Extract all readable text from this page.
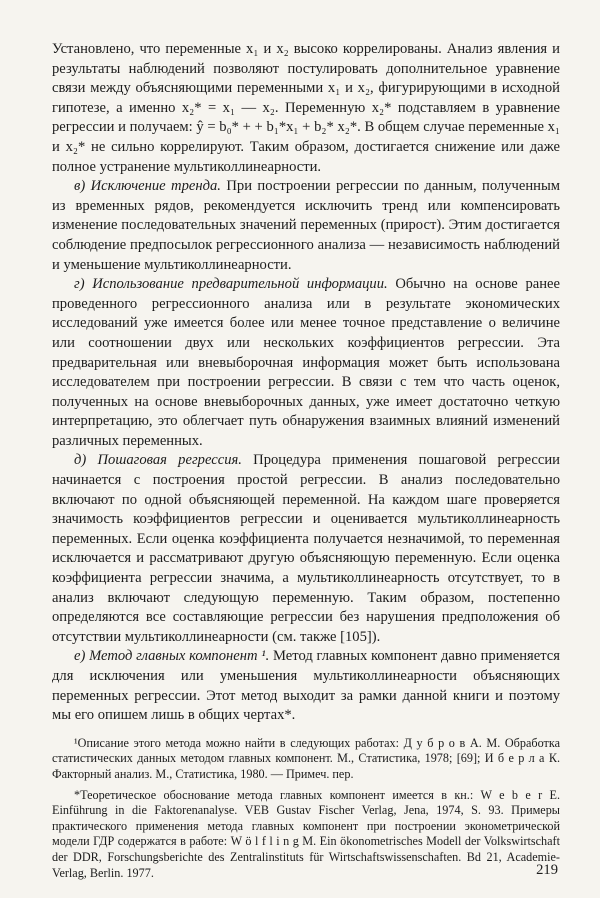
Установлено, что переменные x₁ и x₂ высоко коррелированы. Анализ явления и результаты наблюдений позволяют постулировать дополнительное уравнение связи между объясняющими переменными x₁ и x₂, фигурирующими в исходной гипотезе, а именно x₂* = x₁ — x₂. Переменную x₂* подставляем в уравнение регрессии и получаем: ŷ = b₀* + + b₁*x₁ + b₂* x₂*. В общем случае переменные x₁ и x₂* не сильно коррелируют. Таким образом, достигается снижение или даже полное устранение мультиколлинеарности.

в) Исключение тренда. При построении регрессии по данным, полученным из временных рядов, рекомендуется исключить тренд или компенсировать изменение последовательных значений переменных (прирост). Этим достигается соблюдение предпосылок регрессионного анализа — независимость наблюдений и уменьшение мультиколлинеарности.

г) Использование предварительной информации. Обычно на основе ранее проведенного регрессионного анализа или в результате экономических исследований уже имеется более или менее точное представление о величине или соотношении двух или нескольких коэффициентов регрессии. Эта предварительная или вневыборочная информация может быть использована исследователем при построении регрессии. В связи с тем что часть оценок, полученных на основе вневыборочных данных, уже имеет достаточно четкую интерпретацию, это облегчает путь обнаружения взаимных влияний изменений различных переменных.

д) Пошаговая регрессия. Процедура применения пошаговой регрессии начинается с построения простой регрессии. В анализ последовательно включают по одной объясняющей переменной. На каждом шаге проверяется значимость коэффициентов регрессии и оценивается мультиколлинеарность переменных. Если оценка коэффициента получается незначимой, то переменная исключается и рассматривают другую объясняющую переменную. Если оценка коэффициента регрессии значима, а мультиколлинеарность отсутствует, то в анализ включают следующую переменную. Таким образом, постепенно определяются все составляющие регрессии без нарушения предположения об отсутствии мультиколлинеарности (см. также [105]).

е) Метод главных компонент ¹. Метод главных компонент давно применяется для исключения или уменьшения мультиколлинеарности объясняющих переменных регрессии. Этот метод выходит за рамки данной книги и поэтому мы его опишем лишь в общих чертах*.

¹Описание этого метода можно найти в следующих работах: Д у б р о в А. М. Обработка статистических данных методом главных компонент. М., Статистика, 1978; [69]; И б е р л а К. Факторный анализ. М., Статистика, 1980. — Примеч. пер.

*Теоретическое обоснование метода главных компонент имеется в кн.: W e b e r E. Einführung in die Faktorenanalyse. VEB Gustav Fischer Verlag, Jena, 1974, S. 93. Примеры практического применения метода главных компонент при построении эконометрической модели ГДР содержатся в работе: W ö l f l i n g M. Ein ökonometrisches Modell der Volkswirtschaft der DDR, Forschungsberichte des Zentralinstituts für Wirtschaftswissenschaften. Bd 21, Academie-Verlag, Berlin. 1977.	219
